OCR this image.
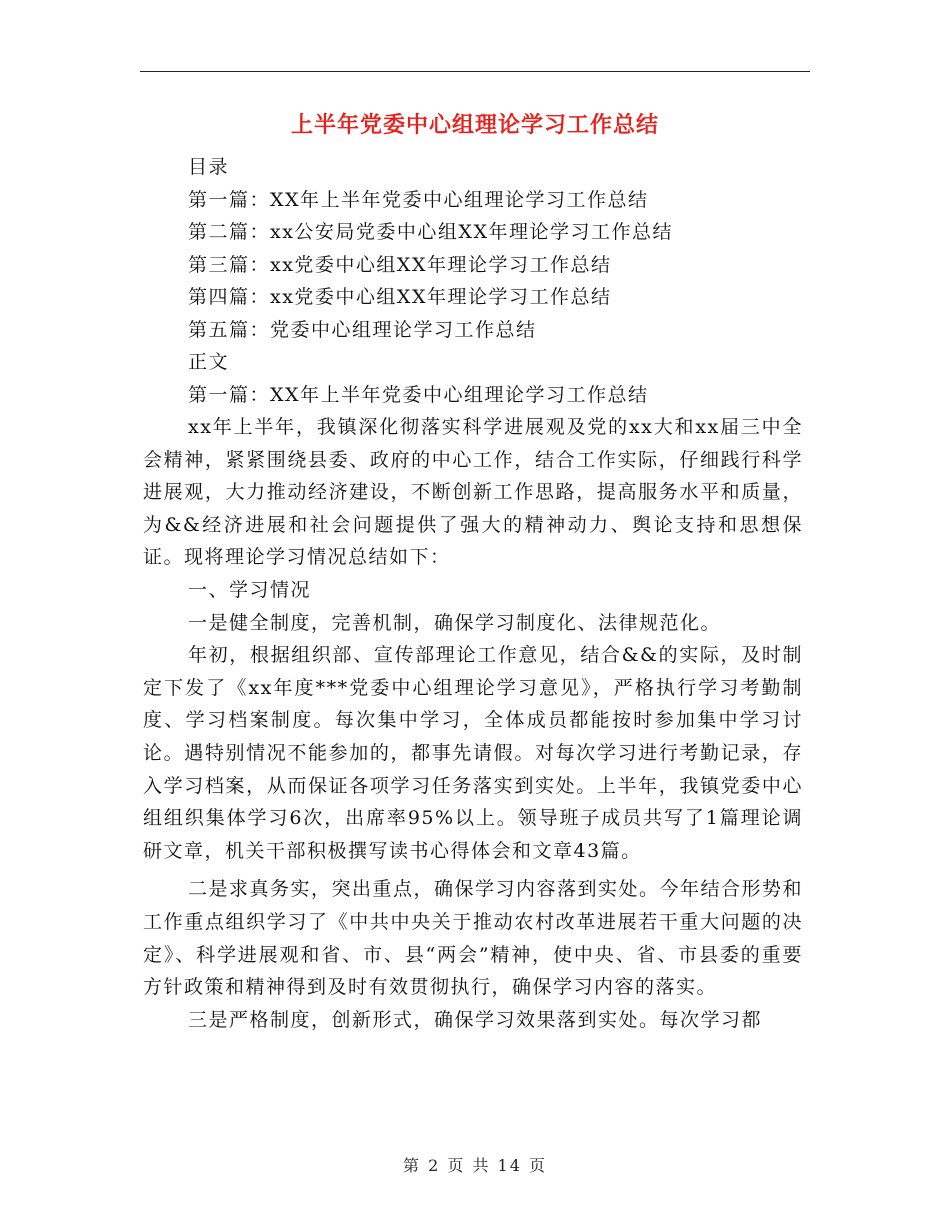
上半年党委中心组理论学习工作总结
目录
第一篇：XX年上半年党委中心组理论学习工作总结
第二篇：xx公安局党委中心组XX年理论学习工作总结
第三篇：xx党委中心组XX年理论学习工作总结
第四篇：xx党委中心组XX年理论学习工作总结
第五篇：党委中心组理论学习工作总结
正文
第一篇：XX年上半年党委中心组理论学习工作总结

xx年上半年，我镇深化彻落实科学进展观及党的xx大和xx届三中全会精神，紧紧围绕县委、政府的中心工作，结合工作实际，仔细践行科学进展观，大力推动经济建设，不断创新工作思路，提高服务水平和质量，为&&经济进展和社会问题提供了强大的精神动力、舆论支持和思想保证。现将理论学习情况总结如下：

一、学习情况

一是健全制度，完善机制，确保学习制度化、法律规范化。

年初，根据组织部、宣传部理论工作意见，结合&&的实际，及时制定下发了《xx年度***党委中心组理论学习意见》，严格执行学习考勤制度、学习档案制度。每次集中学习，全体成员都能按时参加集中学习讨论。遇特别情况不能参加的，都事先请假。对每次学习进行考勤记录，存入学习档案，从而保证各项学习任务落实到实处。上半年，我镇党委中心组组织集体学习6次，出席率95%以上。领导班子成员共写了1篇理论调研文章，机关干部积极撰写读书心得体会和文章43篇。

二是求真务实，突出重点，确保学习内容落到实处。今年结合形势和工作重点组织学习了《中共中央关于推动农村改革进展若干重大问题的决定》、科学进展观和省、市、县“两会”精神，使中央、省、市县委的重要方针政策和精神得到及时有效贯彻执行，确保学习内容的落实。

三是严格制度，创新形式，确保学习效果落到实处。每次学习都

第 2 页 共 14 页
